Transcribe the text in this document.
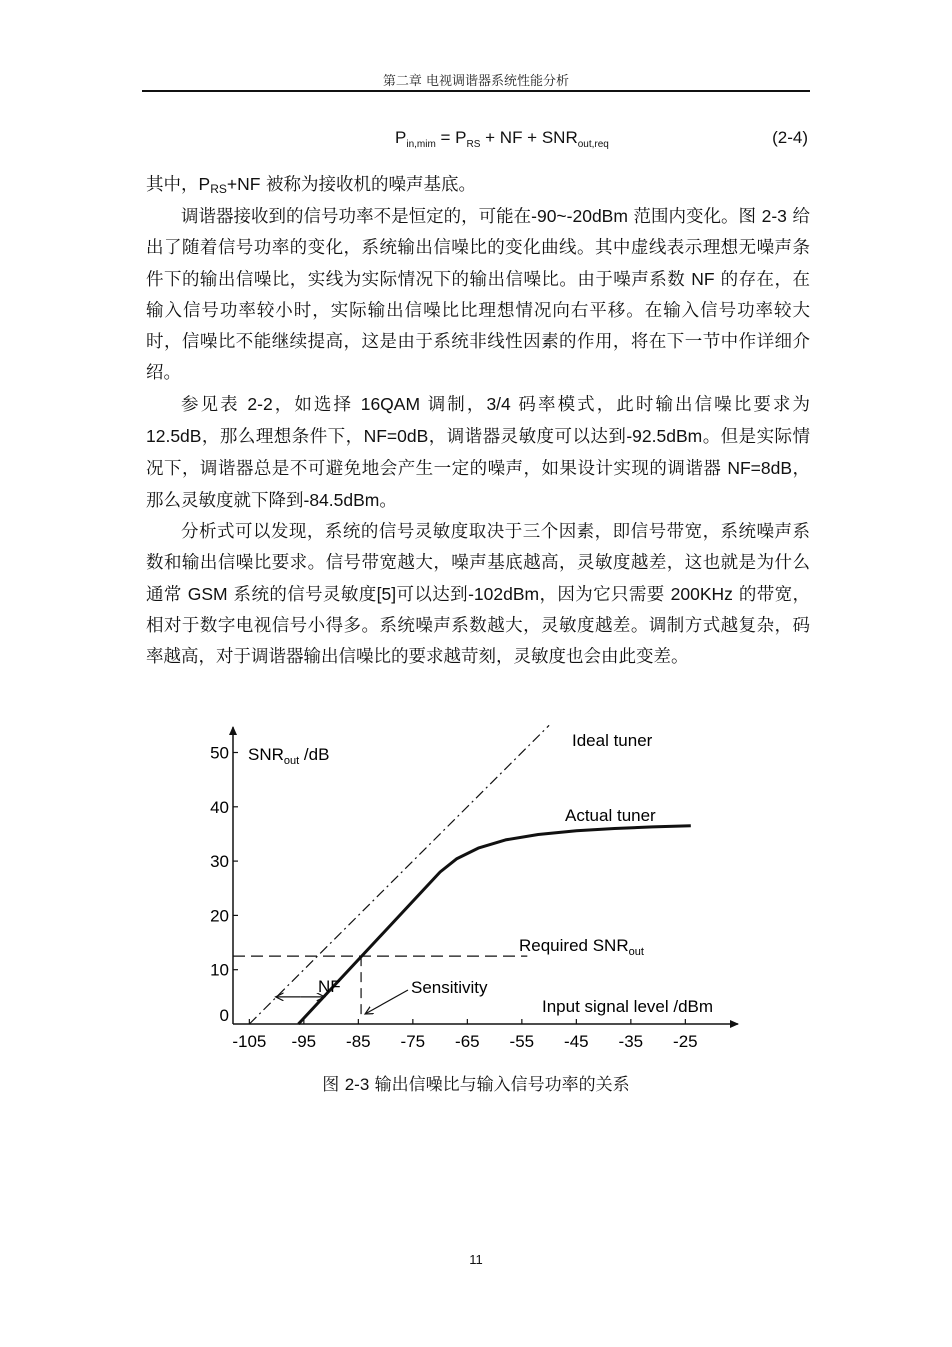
第二章 电视调谐器系统性能分析
$P_{in,mim} = P_{RS}$ + NF + $SNR_{out,req}$	(2-4)

其中，$P_{RS}+NF$ 被称为接收机的噪声基底。

调谐器接收到的信号功率不是恒定的，可能在-90~-20dBm 范围内变化。图 2-3 给出了随着信号功率的变化，系统输出信噪比的变化曲线。其中虚线表示理想无噪声条件下的输出信噪比，实线为实际情况下的输出信噪比。由于噪声系数 NF 的存在，在输入信号功率较小时，实际输出信噪比比理想情况向右平移。在输入信号功率较大时，信噪比不能继续提高，这是由于系统非线性因素的作用，将在下一节中作详细介绍。

参见表 2-2，如选择 16QAM 调制，3/4 码率模式，此时输出信噪比要求为 12.5dB，那么理想条件下，NF=0dB，调谐器灵敏度可以达到-92.5dBm。但是实际情况下，调谐器总是不可避免地会产生一定的噪声，如果设计实现的调谐器 NF=8dB，那么灵敏度就下降到-84.5dBm。

分析式可以发现，系统的信号灵敏度取决于三个因素，即信号带宽，系统噪声系数和输出信噪比要求。信号带宽越大，噪声基底越高，灵敏度越差，这也就是为什么通常 GSM 系统的信号灵敏度[5]可以达到-102dBm，因为它只需要 200KHz 的带宽，相对于数字电视信号小得多。系统噪声系数越大，灵敏度越差。调制方式越复杂，码率越高，对于调谐器输出信噪比的要求越苛刻，灵敏度也会由此变差。

0
10
20
30
40
50
-105 -95 -85 -75 -65 -55 -45 -35 -25
$SNR_{out}$ /dB
Input signal level /dBm
Ideal tuner
Actual tuner
Required $SNR_{out}$
NF	Sensitivity
图 2-3 输出信噪比与输入信号功率的关系
11
